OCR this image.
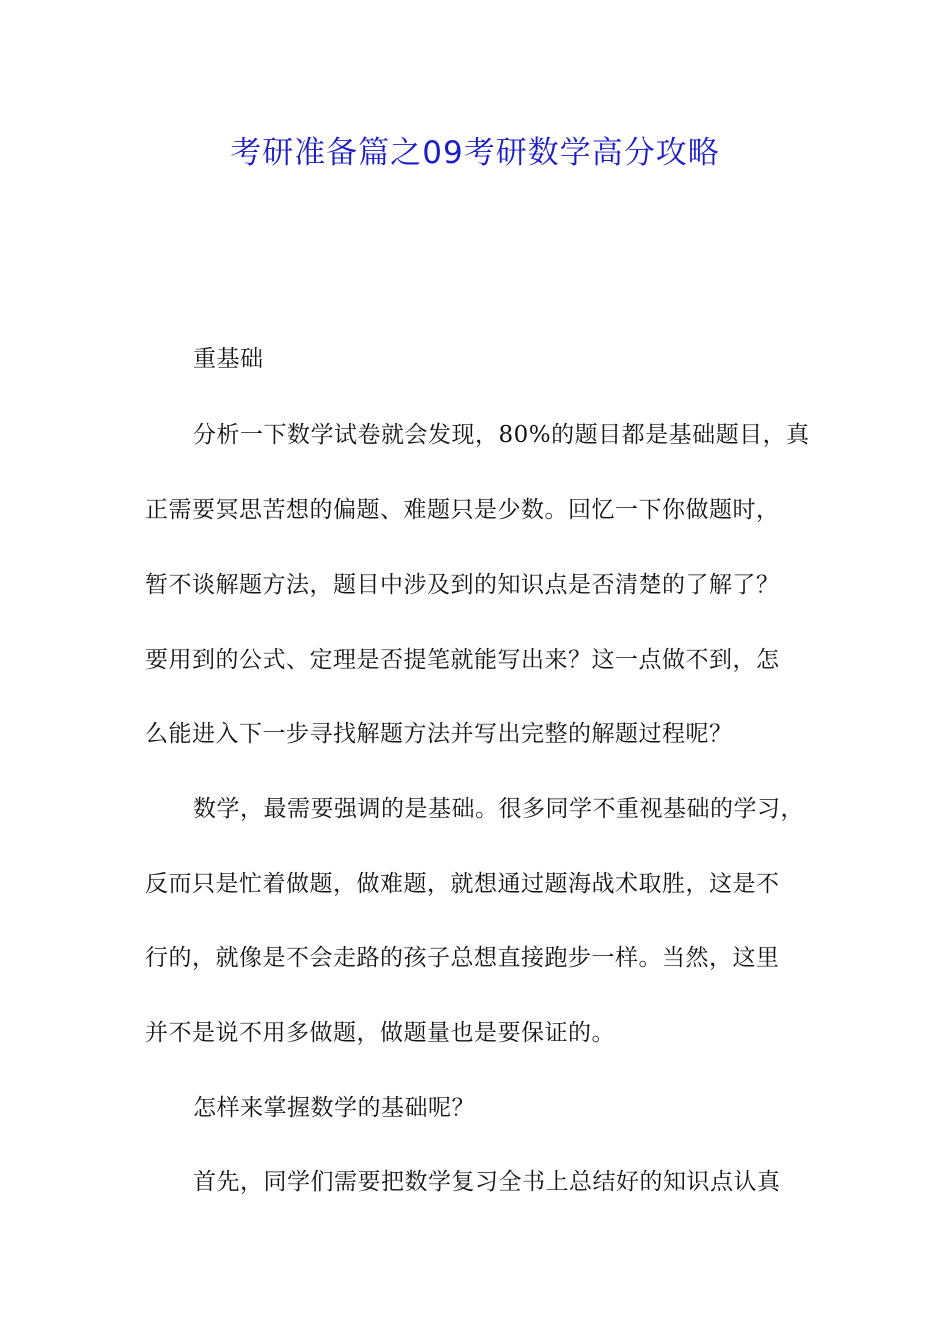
考研准备篇之09考研数学高分攻略
重基础
分析一下数学试卷就会发现，80%的题目都是基础题目，真
正需要冥思苦想的偏题、难题只是少数。回忆一下你做题时，
暂不谈解题方法，题目中涉及到的知识点是否清楚的了解了？
要用到的公式、定理是否提笔就能写出来？这一点做不到，怎
么能进入下一步寻找解题方法并写出完整的解题过程呢？
数学，最需要强调的是基础。很多同学不重视基础的学习，
反而只是忙着做题，做难题，就想通过题海战术取胜，这是不
行的，就像是不会走路的孩子总想直接跑步一样。当然，这里
并不是说不用多做题，做题量也是要保证的。
怎样来掌握数学的基础呢？
首先，同学们需要把数学复习全书上总结好的知识点认真
